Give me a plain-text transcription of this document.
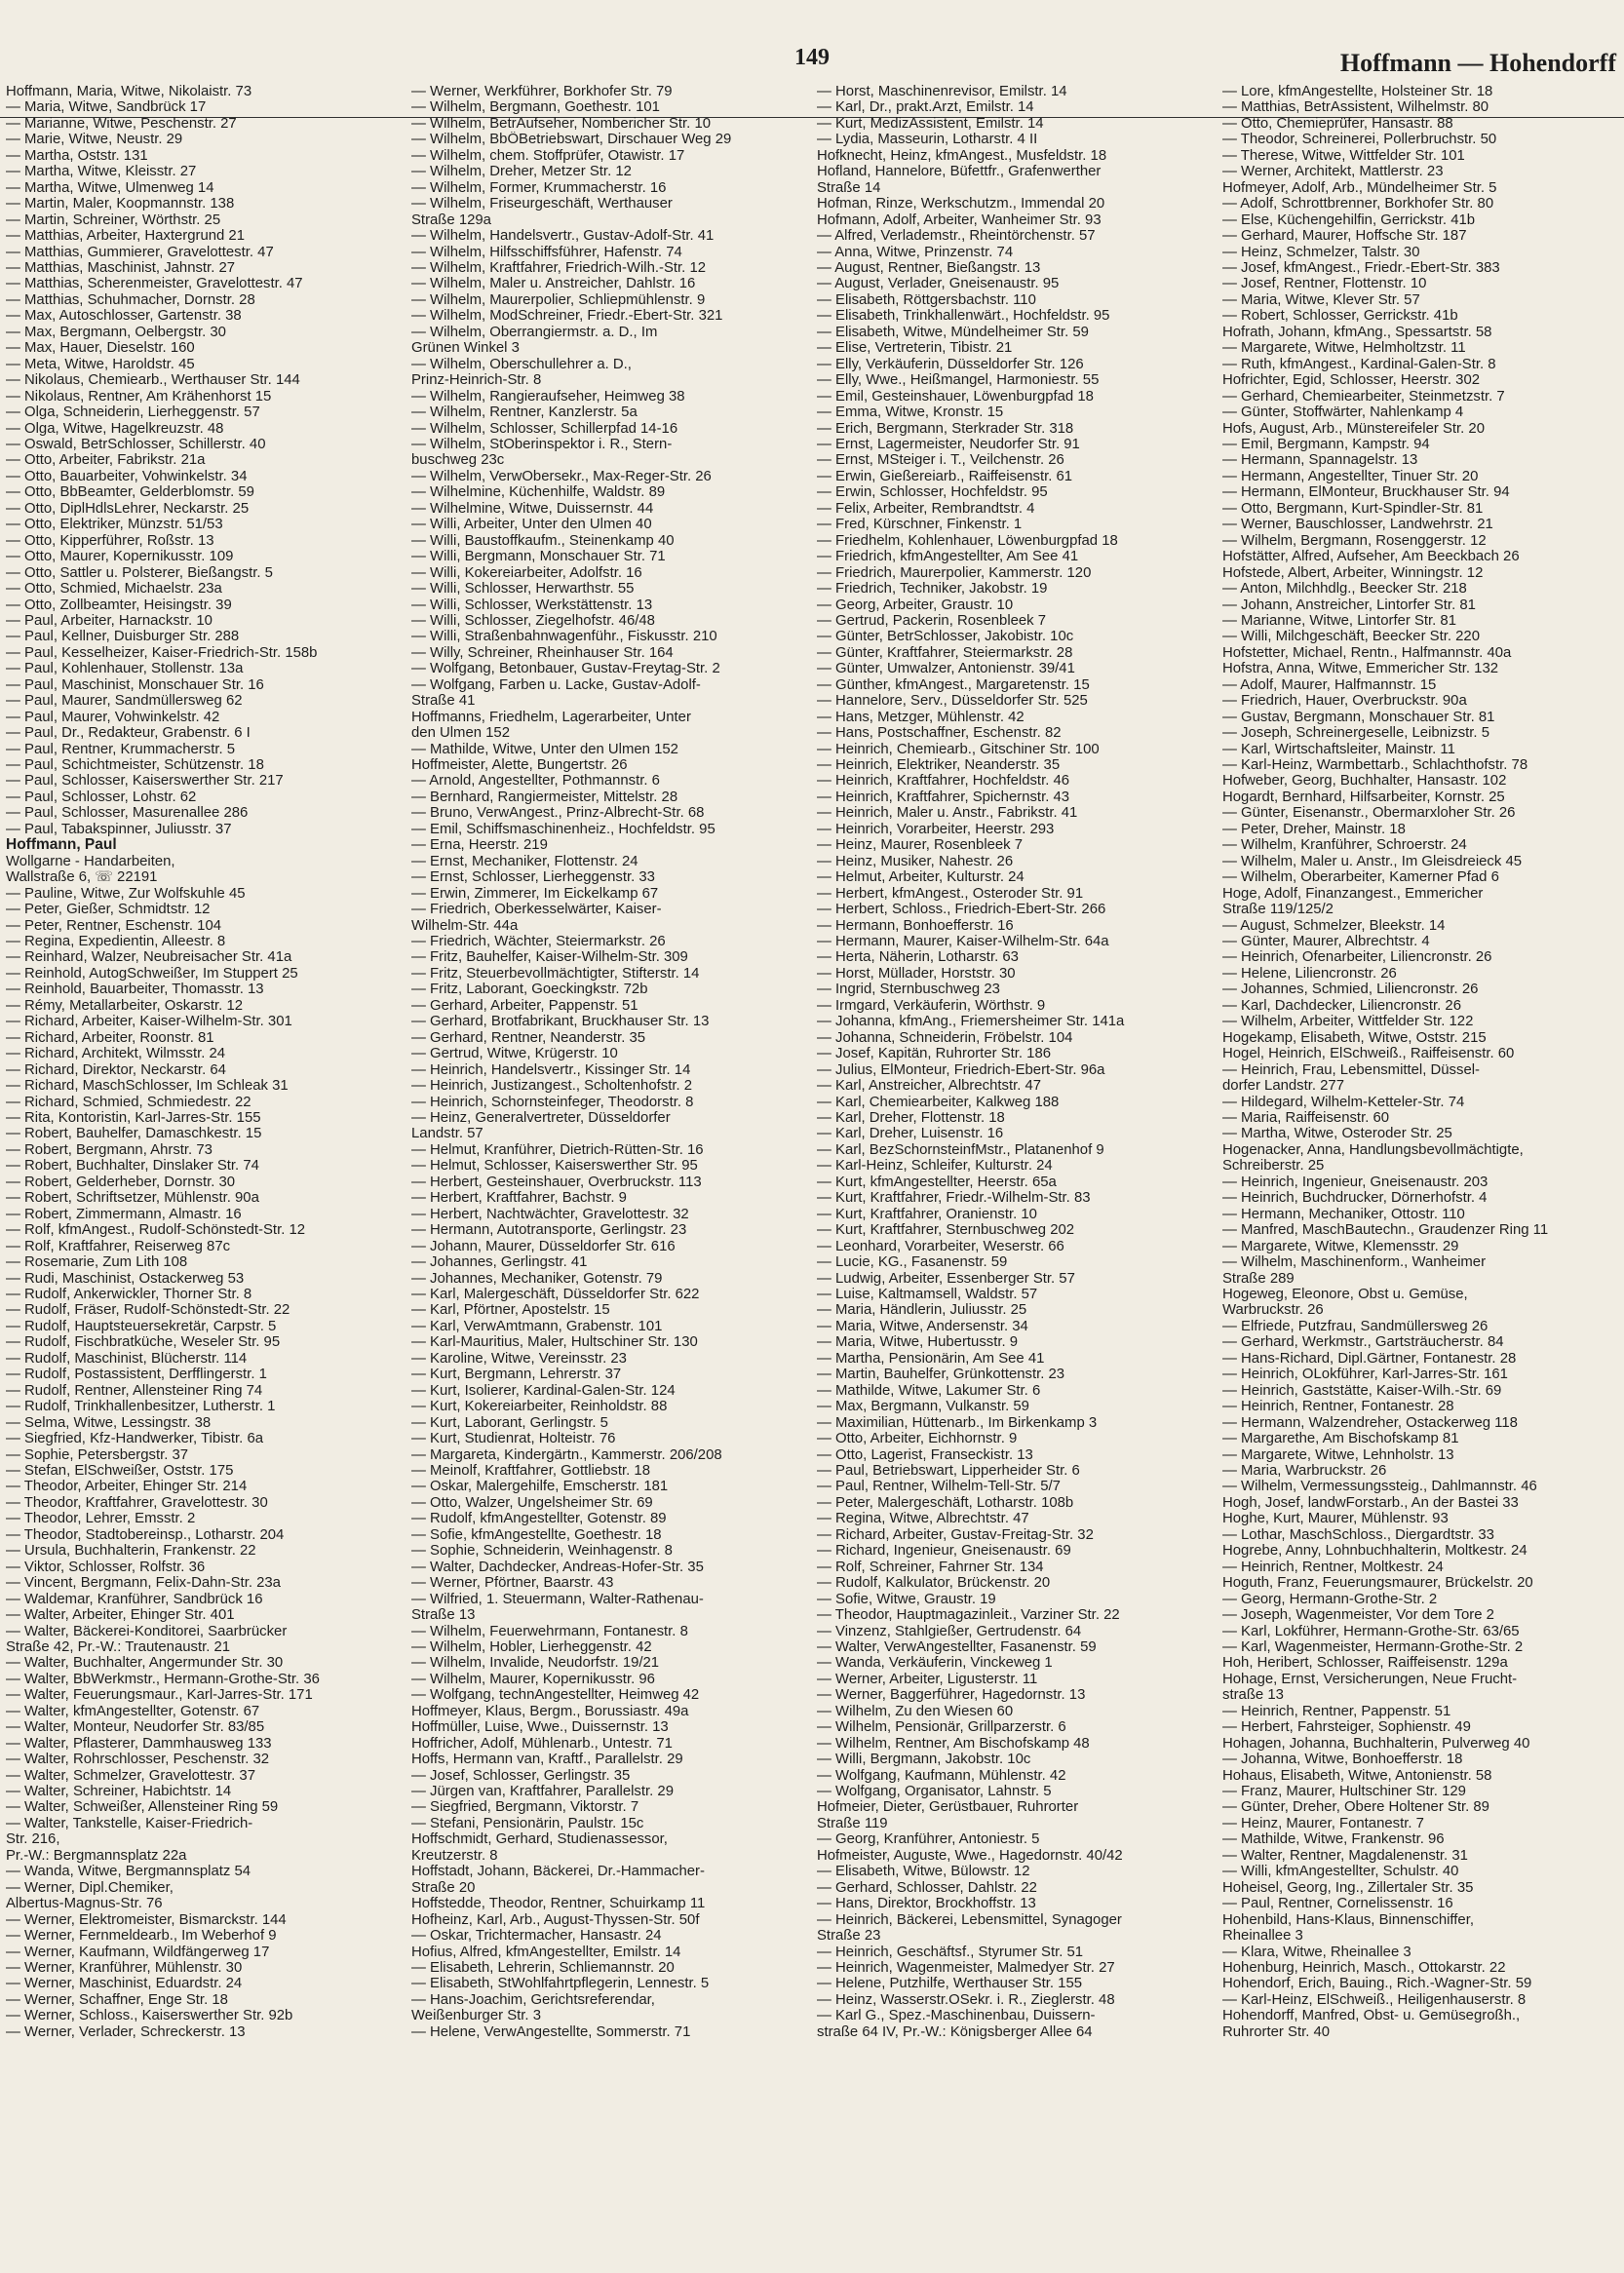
149	Hoffmann — Hohendorff
Hoffmann, Maria, Witwe, Nikolaistr. 73
— Maria, Witwe, Sandbrück 17
— Marianne, Witwe, Peschenstr. 27
— Marie, Witwe, Neustr. 29
— Martha, Oststr. 131
— Martha, Witwe, Kleisstr. 27
— Martha, Witwe, Ulmenweg 14
— Martin, Maler, Koopmannstr. 138
— Martin, Schreiner, Wörthstr. 25
— Matthias, Arbeiter, Haxtergrund 21
— Matthias, Gummierer, Gravelottestr. 47
— Matthias, Maschinist, Jahnstr. 27
— Matthias, Scherenmeister, Gravelottestr. 47
— Matthias, Schuhmacher, Dornstr. 28
— Max, Autoschlosser, Gartenstr. 38
— Max, Bergmann, Oelbergstr. 30
— Max, Hauer, Dieselstr. 160
— Meta, Witwe, Haroldstr. 45
— Nikolaus, Chemiearb., Werthauser Str. 144
— Nikolaus, Rentner, Am Krähenhorst 15
— Olga, Schneiderin, Lierheggenstr. 57
— Olga, Witwe, Hagelkreuzstr. 48
— Oswald, BetrSchlosser, Schillerstr. 40
— Otto, Arbeiter, Fabrikstr. 21a
— Otto, Bauarbeiter, Vohwinkelstr. 34
— Otto, BbBeamter, Gelderblomstr. 59
— Otto, DiplHdlsLehrer, Neckarstr. 25
— Otto, Elektriker, Münzstr. 51/53
— Otto, Kipperführer, Roßstr. 13
— Otto, Maurer, Kopernikusstr. 109
— Otto, Sattler u. Polsterer, Bießangstr. 5
— Otto, Schmied, Michaelstr. 23a
— Otto, Zollbeamter, Heisingstr. 39
— Paul, Arbeiter, Harnackstr. 10
— Paul, Kellner, Duisburger Str. 288
— Paul, Kesselheizer, Kaiser-Friedrich-Str. 158b
— Paul, Kohlenhauer, Stollenstr. 13a
— Paul, Maschinist, Monschauer Str. 16
— Paul, Maurer, Sandmüllersweg 62
— Paul, Maurer, Vohwinkelstr. 42
— Paul, Dr., Redakteur, Grabenstr. 6 I
— Paul, Rentner, Krummacherstr. 5
— Paul, Schichtmeister, Schützenstr. 18
— Paul, Schlosser, Kaiserswerther Str. 217
— Paul, Schlosser, Lohstr. 62
— Paul, Schlosser, Masurenallee 286
— Paul, Tabakspinner, Juliusstr. 37
Hoffmann, Paul
Wollgarne - Handarbeiten,
Wallstraße 6, ☏ 22191
— Pauline, Witwe, Zur Wolfskuhle 45
— Peter, Gießer, Schmidtstr. 12
— Peter, Rentner, Eschenstr. 104
— Regina, Expedientin, Alleestr. 8
— Reinhard, Walzer, Neubreisacher Str. 41a
— Reinhold, AutogSchweißer, Im Stuppert 25
— Reinhold, Bauarbeiter, Thomasstr. 13
— Rémy, Metallarbeiter, Oskarstr. 12
— Richard, Arbeiter, Kaiser-Wilhelm-Str. 301
— Richard, Arbeiter, Roonstr. 81
— Richard, Architekt, Wilmsstr. 24
— Richard, Direktor, Neckarstr. 64
— Richard, MaschSchlosser, Im Schleak 31
— Richard, Schmied, Schmiedestr. 22
— Rita, Kontoristin, Karl-Jarres-Str. 155
— Robert, Bauhelfer, Damaschkestr. 15
— Robert, Bergmann, Ahrstr. 73
— Robert, Buchhalter, Dinslaker Str. 74
— Robert, Gelderheber, Dornstr. 30
— Robert, Schriftsetzer, Mühlenstr. 90a
— Robert, Zimmermann, Almastr. 16
— Rolf, kfmAngest., Rudolf-Schönstedt-Str. 12
— Rolf, Kraftfahrer, Reiserweg 87c
— Rosemarie, Zum Lith 108
— Rudi, Maschinist, Ostackerweg 53
— Rudolf, Ankerwickler, Thorner Str. 8
— Rudolf, Fräser, Rudolf-Schönstedt-Str. 22
— Rudolf, Hauptsteuersekretär, Carpstr. 5
— Rudolf, Fischbratküche, Weseler Str. 95
— Rudolf, Maschinist, Blücherstr. 114
— Rudolf, Postassistent, Derfflingerstr. 1
— Rudolf, Rentner, Allensteiner Ring 74
— Rudolf, Trinkhallenbesitzer, Lutherstr. 1
— Selma, Witwe, Lessingstr. 38
— Siegfried, Kfz-Handwerker, Tibistr. 6a
— Sophie, Petersbergstr. 37
— Stefan, ElSchweißer, Oststr. 175
— Theodor, Arbeiter, Ehinger Str. 214
— Theodor, Kraftfahrer, Gravelottestr. 30
— Theodor, Lehrer, Emsstr. 2
— Theodor, Stadtobereinsp., Lotharstr. 204
— Ursula, Buchhalterin, Frankenstr. 22
— Viktor, Schlosser, Rolfstr. 36
— Vincent, Bergmann, Felix-Dahn-Str. 23a
— Waldemar, Kranführer, Sandbrück 16
— Walter, Arbeiter, Ehinger Str. 401
— Walter, Bäckerei-Konditorei, Saarbrücker
Straße 42, Pr.-W.: Trautenaustr. 21
— Walter, Buchhalter, Angermunder Str. 30
— Walter, BbWerkmstr., Hermann-Grothe-Str. 36
— Walter, Feuerungsmaur., Karl-Jarres-Str. 171
— Walter, kfmAngestellter, Gotenstr. 67
— Walter, Monteur, Neudorfer Str. 83/85
— Walter, Pflasterer, Dammhausweg 133
— Walter, Rohrschlosser, Peschenstr. 32
— Walter, Schmelzer, Gravelottestr. 37
— Walter, Schreiner, Habichtstr. 14
— Walter, Schweißer, Allensteiner Ring 59
— Walter, Tankstelle, Kaiser-Friedrich-
Str. 216,
Pr.-W.: Bergmannsplatz 22a
— Wanda, Witwe, Bergmannsplatz 54
— Werner, Dipl.Chemiker,
Albertus-Magnus-Str. 76
— Werner, Elektromeister, Bismarckstr. 144
— Werner, Fernmeldearb., Im Weberhof 9
— Werner, Kaufmann, Wildfängerweg 17
— Werner, Kranführer, Mühlenstr. 30
— Werner, Maschinist, Eduardstr. 24
— Werner, Schaffner, Enge Str. 18
— Werner, Schloss., Kaiserswerther Str. 92b
— Werner, Verlader, Schreckerstr. 13
— Werner, Werkführer, Borkhofer Str. 79
— Wilhelm, Bergmann, Goethestr. 101
— Wilhelm, BetrAufseher, Nombericher Str. 10
— Wilhelm, BbÖBetriebswart, Dirschauer Weg 29
— Wilhelm, chem. Stoffprüfer, Otawistr. 17
— Wilhelm, Dreher, Metzer Str. 12
— Wilhelm, Former, Krummacherstr. 16
— Wilhelm, Friseurgeschäft, Werthauser
Straße 129a
— Wilhelm, Handelsvertr., Gustav-Adolf-Str. 41
— Wilhelm, Hilfsschiffsführer, Hafenstr. 74
— Wilhelm, Kraftfahrer, Friedrich-Wilh.-Str. 12
— Wilhelm, Maler u. Anstreicher, Dahlstr. 16
— Wilhelm, Maurerpolier, Schliepmühlenstr. 9
— Wilhelm, ModSchreiner, Friedr.-Ebert-Str. 321
— Wilhelm, Oberrangiermstr. a. D., Im
Grünen Winkel 3
— Wilhelm, Oberschullehrer a. D.,
Prinz-Heinrich-Str. 8
— Wilhelm, Rangieraufseher, Heimweg 38
— Wilhelm, Rentner, Kanzlerstr. 5a
— Wilhelm, Schlosser, Schillerpfad 14-16
— Wilhelm, StOberinspektor i. R., Stern-
buschweg 23c
— Wilhelm, VerwObersekr., Max-Reger-Str. 26
— Wilhelmine, Küchenhilfe, Waldstr. 89
— Wilhelmine, Witwe, Duissernstr. 44
— Willi, Arbeiter, Unter den Ulmen 40
— Willi, Baustoffkaufm., Steinenkamp 40
— Willi, Bergmann, Monschauer Str. 71
— Willi, Kokereiarbeiter, Adolfstr. 16
— Willi, Schlosser, Herwarthstr. 55
— Willi, Schlosser, Werkstättenstr. 13
— Willi, Schlosser, Ziegelhofstr. 46/48
— Willi, Straßenbahnwagenführ., Fiskusstr. 210
— Willy, Schreiner, Rheinhauser Str. 164
— Wolfgang, Betonbauer, Gustav-Freytag-Str. 2
— Wolfgang, Farben u. Lacke, Gustav-Adolf-
Straße 41
Hoffmanns, Friedhelm, Lagerarbeiter, Unter
den Ulmen 152
— Mathilde, Witwe, Unter den Ulmen 152
Hoffmeister, Alette, Bungertstr. 26
— Arnold, Angestellter, Pothmannstr. 6
— Bernhard, Rangiermeister, Mittelstr. 28
— Bruno, VerwAngest., Prinz-Albrecht-Str. 68
— Emil, Schiffsmaschinenheiz., Hochfeldstr. 95
— Erna, Heerstr. 219
— Ernst, Mechaniker, Flottenstr. 24
— Ernst, Schlosser, Lierheggenstr. 33
— Erwin, Zimmerer, Im Eickelkamp 67
— Friedrich, Oberkesselwärter, Kaiser-
Wilhelm-Str. 44a
— Friedrich, Wächter, Steiermarkstr. 26
— Fritz, Bauhelfer, Kaiser-Wilhelm-Str. 309
— Fritz, Steuerbevollmächtigter, Stifterstr. 14
— Fritz, Laborant, Goeckingkstr. 72b
— Gerhard, Arbeiter, Pappenstr. 51
— Gerhard, Brotfabrikant, Bruckhauser Str. 13
— Gerhard, Rentner, Neanderstr. 35
— Gertrud, Witwe, Krügerstr. 10
— Heinrich, Handelsvertr., Kissinger Str. 14
— Heinrich, Justizangest., Scholtenhofstr. 2
— Heinrich, Schornsteinfeger, Theodorstr. 8
— Heinz, Generalvertreter, Düsseldorfer
Landstr. 57
— Helmut, Kranführer, Dietrich-Rütten-Str. 16
— Helmut, Schlosser, Kaiserswerther Str. 95
— Herbert, Gesteinshauer, Overbruckstr. 113
— Herbert, Kraftfahrer, Bachstr. 9
— Herbert, Nachtwächter, Gravelottestr. 32
— Hermann, Autotransporte, Gerlingstr. 23
— Johann, Maurer, Düsseldorfer Str. 616
— Johannes, Gerlingstr. 41
— Johannes, Mechaniker, Gotenstr. 79
— Karl, Malergeschäft, Düsseldorfer Str. 622
— Karl, Pförtner, Apostelstr. 15
— Karl, VerwAmtmann, Grabenstr. 101
— Karl-Mauritius, Maler, Hultschiner Str. 130
— Karoline, Witwe, Vereinsstr. 23
— Kurt, Bergmann, Lehrerstr. 37
— Kurt, Isolierer, Kardinal-Galen-Str. 124
— Kurt, Kokereiarbeiter, Reinholdstr. 88
— Kurt, Laborant, Gerlingstr. 5
— Kurt, Studienrat, Holteistr. 76
— Margareta, Kindergärtn., Kammerstr. 206/208
— Meinolf, Kraftfahrer, Gottliebstr. 18
— Oskar, Malergehilfe, Emscherstr. 181
— Otto, Walzer, Ungelsheimer Str. 69
— Rudolf, kfmAngestellter, Gotenstr. 89
— Sofie, kfmAngestellte, Goethestr. 18
— Sophie, Schneiderin, Weinhagenstr. 8
— Walter, Dachdecker, Andreas-Hofer-Str. 35
— Werner, Pförtner, Baarstr. 43
— Wilfried, 1. Steuermann, Walter-Rathenau-
Straße 13
— Wilhelm, Feuerwehrmann, Fontanestr. 8
— Wilhelm, Hobler, Lierheggenstr. 42
— Wilhelm, Invalide, Neudorfstr. 19/21
— Wilhelm, Maurer, Kopernikusstr. 96
— Wolfgang, technAngestellter, Heimweg 42
Hoffmeyer, Klaus, Bergm., Borussiastr. 49a
Hoffmüller, Luise, Wwe., Duissernstr. 13
Hoffricher, Adolf, Mühlenarb., Untestr. 71
Hoffs, Hermann van, Kraftf., Parallelstr. 29
— Josef, Schlosser, Gerlingstr. 35
— Jürgen van, Kraftfahrer, Parallelstr. 29
— Siegfried, Bergmann, Viktorstr. 7
— Stefani, Pensionärin, Paulstr. 15c
Hoffschmidt, Gerhard, Studienassessor,
Kreutzerstr. 8
Hoffstadt, Johann, Bäckerei, Dr.-Hammacher-
Straße 20
Hoffstedde, Theodor, Rentner, Schuirkamp 11
Hofheinz, Karl, Arb., August-Thyssen-Str. 50f
— Oskar, Trichtermacher, Hansastr. 24
Hofius, Alfred, kfmAngestellter, Emilstr. 14
— Elisabeth, Lehrerin, Schliemannstr. 20
— Elisabeth, StWohlfahrtpflegerin, Lennestr. 5
— Hans-Joachim, Gerichtsreferendar,
Weißenburger Str. 3
— Helene, VerwAngestellte, Sommerstr. 71
— Horst, Maschinenrevisor, Emilstr. 14
— Karl, Dr., prakt.Arzt, Emilstr. 14
— Kurt, MedizAssistent, Emilstr. 14
— Lydia, Masseurin, Lotharstr. 4 II
Hofknecht, Heinz, kfmAngest., Musfeldstr. 18
Hofland, Hannelore, Büfettfr., Grafenwerther
Straße 14
Hofman, Rinze, Werkschutzm., Immendal 20
Hofmann, Adolf, Arbeiter, Wanheimer Str. 93
— Alfred, Verlademstr., Rheintörchenstr. 57
— Anna, Witwe, Prinzenstr. 74
— August, Rentner, Bießangstr. 13
— August, Verlader, Gneisenaustr. 95
— Elisabeth, Röttgersbachstr. 110
— Elisabeth, Trinkhallenwärt., Hochfeldstr. 95
— Elisabeth, Witwe, Mündelheimer Str. 59
— Elise, Vertreterin, Tibistr. 21
— Elly, Verkäuferin, Düsseldorfer Str. 126
— Elly, Wwe., Heißmangel, Harmoniestr. 55
— Emil, Gesteinshauer, Löwenburgpfad 18
— Emma, Witwe, Kronstr. 15
— Erich, Bergmann, Sterkrader Str. 318
— Ernst, Lagermeister, Neudorfer Str. 91
— Ernst, MSteiger i. T., Veilchenstr. 26
— Erwin, Gießereiarb., Raiffeisenstr. 61
— Erwin, Schlosser, Hochfeldstr. 95
— Felix, Arbeiter, Rembrandtstr. 4
— Fred, Kürschner, Finkenstr. 1
— Friedhelm, Kohlenhauer, Löwenburgpfad 18
— Friedrich, kfmAngestellter, Am See 41
— Friedrich, Maurerpolier, Kammerstr. 120
— Friedrich, Techniker, Jakobstr. 19
— Georg, Arbeiter, Graustr. 10
— Gertrud, Packerin, Rosenbleek 7
— Günter, BetrSchlosser, Jakobistr. 10c
— Günter, Kraftfahrer, Steiermarkstr. 28
— Günter, Umwalzer, Antonienstr. 39/41
— Günther, kfmAngest., Margaretenstr. 15
— Hannelore, Serv., Düsseldorfer Str. 525
— Hans, Metzger, Mühlenstr. 42
— Hans, Postschaffner, Eschenstr. 82
— Heinrich, Chemiearb., Gitschiner Str. 100
— Heinrich, Elektriker, Neanderstr. 35
— Heinrich, Kraftfahrer, Hochfeldstr. 46
— Heinrich, Kraftfahrer, Spichernstr. 43
— Heinrich, Maler u. Anstr., Fabrikstr. 41
— Heinrich, Vorarbeiter, Heerstr. 293
— Heinz, Maurer, Rosenbleek 7
— Heinz, Musiker, Nahestr. 26
— Helmut, Arbeiter, Kulturstr. 24
— Herbert, kfmAngest., Osteroder Str. 91
— Herbert, Schloss., Friedrich-Ebert-Str. 266
— Hermann, Bonhoefferstr. 16
— Hermann, Maurer, Kaiser-Wilhelm-Str. 64a
— Herta, Näherin, Lotharstr. 63
— Horst, Müllader, Horststr. 30
— Ingrid, Sternbuschweg 23
— Irmgard, Verkäuferin, Wörthstr. 9
— Johanna, kfmAng., Friemersheimer Str. 141a
— Johanna, Schneiderin, Fröbelstr. 104
— Josef, Kapitän, Ruhrorter Str. 186
— Julius, ElMonteur, Friedrich-Ebert-Str. 96a
— Karl, Anstreicher, Albrechtstr. 47
— Karl, Chemiearbeiter, Kalkweg 188
— Karl, Dreher, Flottenstr. 18
— Karl, Dreher, Luisenstr. 16
— Karl, BezSchornsteinfMstr., Platanenhof 9
— Karl-Heinz, Schleifer, Kulturstr. 24
— Kurt, kfmAngestellter, Heerstr. 65a
— Kurt, Kraftfahrer, Friedr.-Wilhelm-Str. 83
— Kurt, Kraftfahrer, Oranienstr. 10
— Kurt, Kraftfahrer, Sternbuschweg 202
— Leonhard, Vorarbeiter, Weserstr. 66
— Lucie, KG., Fasanenstr. 59
— Ludwig, Arbeiter, Essenberger Str. 57
— Luise, Kaltmamsell, Waldstr. 57
— Maria, Händlerin, Juliusstr. 25
— Maria, Witwe, Andersenstr. 34
— Maria, Witwe, Hubertusstr. 9
— Martha, Pensionärin, Am See 41
— Martin, Bauhelfer, Grünkottenstr. 23
— Mathilde, Witwe, Lakumer Str. 6
— Max, Bergmann, Vulkanstr. 59
— Maximilian, Hüttenarb., Im Birkenkamp 3
— Otto, Arbeiter, Eichhornstr. 9
— Otto, Lagerist, Franseckistr. 13
— Paul, Betriebswart, Lipperheider Str. 6
— Paul, Rentner, Wilhelm-Tell-Str. 5/7
— Peter, Malergeschäft, Lotharstr. 108b
— Regina, Witwe, Albrechtstr. 47
— Richard, Arbeiter, Gustav-Freitag-Str. 32
— Richard, Ingenieur, Gneisenaustr. 69
— Rolf, Schreiner, Fahrner Str. 134
— Rudolf, Kalkulator, Brückenstr. 20
— Sofie, Witwe, Graustr. 19
— Theodor, Hauptmagazinleit., Varziner Str. 22
— Vinzenz, Stahlgießer, Gertrudenstr. 64
— Walter, VerwAngestellter, Fasanenstr. 59
— Wanda, Verkäuferin, Vinckeweg 1
— Werner, Arbeiter, Ligusterstr. 11
— Werner, Baggerführer, Hagedornstr. 13
— Wilhelm, Zu den Wiesen 60
— Wilhelm, Pensionär, Grillparzerstr. 6
— Wilhelm, Rentner, Am Bischofskamp 48
— Willi, Bergmann, Jakobstr. 10c
— Wolfgang, Kaufmann, Mühlenstr. 42
— Wolfgang, Organisator, Lahnstr. 5
Hofmeier, Dieter, Gerüstbauer, Ruhrorter
Straße 119
— Georg, Kranführer, Antoniestr. 5
Hofmeister, Auguste, Wwe., Hagedornstr. 40/42
— Elisabeth, Witwe, Bülowstr. 12
— Gerhard, Schlosser, Dahlstr. 22
— Hans, Direktor, Brockhoffstr. 13
— Heinrich, Bäckerei, Lebensmittel, Synagoger
Straße 23
— Heinrich, Geschäftsf., Styrumer Str. 51
— Heinrich, Wagenmeister, Malmedyer Str. 27
— Helene, Putzhilfe, Werthauser Str. 155
— Heinz, Wasserstr.OSekr. i. R., Zieglerstr. 48
— Karl G., Spez.-Maschinenbau, Duissern-
straße 64 IV, Pr.-W.: Königsberger Allee 64
— Lore, kfmAngestellte, Holsteiner Str. 18
— Matthias, BetrAssistent, Wilhelmstr. 80
— Otto, Chemieprüfer, Hansastr. 88
— Theodor, Schreinerei, Pollerbruchstr. 50
— Therese, Witwe, Wittfelder Str. 101
— Werner, Architekt, Mattlerstr. 23
Hofmeyer, Adolf, Arb., Mündelheimer Str. 5
— Adolf, Schrottbrenner, Borkhofer Str. 80
— Else, Küchengehilfin, Gerrickstr. 41b
— Gerhard, Maurer, Hoffsche Str. 187
— Heinz, Schmelzer, Talstr. 30
— Josef, kfmAngest., Friedr.-Ebert-Str. 383
— Josef, Rentner, Flottenstr. 10
— Maria, Witwe, Klever Str. 57
— Robert, Schlosser, Gerrickstr. 41b
Hofrath, Johann, kfmAng., Spessartstr. 58
— Margarete, Witwe, Helmholtzstr. 11
— Ruth, kfmAngest., Kardinal-Galen-Str. 8
Hofrichter, Egid, Schlosser, Heerstr. 302
— Gerhard, Chemiearbeiter, Steinmetzstr. 7
— Günter, Stoffwärter, Nahlenkamp 4
Hofs, August, Arb., Münstereifeler Str. 20
— Emil, Bergmann, Kampstr. 94
— Hermann, Spannagelstr. 13
— Hermann, Angestellter, Tinuer Str. 20
— Hermann, ElMonteur, Bruckhauser Str. 94
— Otto, Bergmann, Kurt-Spindler-Str. 81
— Werner, Bauschlosser, Landwehrstr. 21
— Wilhelm, Bergmann, Rosenggerstr. 12
Hofstätter, Alfred, Aufseher, Am Beeckbach 26
Hofstede, Albert, Arbeiter, Winningstr. 12
— Anton, Milchhdlg., Beecker Str. 218
— Johann, Anstreicher, Lintorfer Str. 81
— Marianne, Witwe, Lintorfer Str. 81
— Willi, Milchgeschäft, Beecker Str. 220
Hofstetter, Michael, Rentn., Halfmannstr. 40a
Hofstra, Anna, Witwe, Emmericher Str. 132
— Adolf, Maurer, Halfmannstr. 15
— Friedrich, Hauer, Overbruckstr. 90a
— Gustav, Bergmann, Monschauer Str. 81
— Joseph, Schreinergeselle, Leibnizstr. 5
— Karl, Wirtschaftsleiter, Mainstr. 11
— Karl-Heinz, Warmbettarb., Schlachthofstr. 78
Hofweber, Georg, Buchhalter, Hansastr. 102
Hogardt, Bernhard, Hilfsarbeiter, Kornstr. 25
— Günter, Eisenanstr., Obermarxloher Str. 26
— Peter, Dreher, Mainstr. 18
— Wilhelm, Kranführer, Schroerstr. 24
— Wilhelm, Maler u. Anstr., Im Gleisdreieck 45
— Wilhelm, Oberarbeiter, Kamerner Pfad 6
Hoge, Adolf, Finanzangest., Emmericher
Straße 119/125/2
— August, Schmelzer, Bleekstr. 14
— Günter, Maurer, Albrechtstr. 4
— Heinrich, Ofenarbeiter, Liliencronstr. 26
— Helene, Liliencronstr. 26
— Johannes, Schmied, Liliencronstr. 26
— Karl, Dachdecker, Liliencronstr. 26
— Wilhelm, Arbeiter, Wittfelder Str. 122
Hogekamp, Elisabeth, Witwe, Oststr. 215
Hogel, Heinrich, ElSchweiß., Raiffeisenstr. 60
— Heinrich, Frau, Lebensmittel, Düssel-
dorfer Landstr. 277
— Hildegard, Wilhelm-Ketteler-Str. 74
— Maria, Raiffeisenstr. 60
— Martha, Witwe, Osteroder Str. 25
Hogenacker, Anna, Handlungsbevollmächtigte,
Schreiberstr. 25
— Heinrich, Ingenieur, Gneisenaustr. 203
— Heinrich, Buchdrucker, Dörnerhofstr. 4
— Hermann, Mechaniker, Ottostr. 110
— Manfred, MaschBautechn., Graudenzer Ring 11
— Margarete, Witwe, Klemensstr. 29
— Wilhelm, Maschinenform., Wanheimer
Straße 289
Hogeweg, Eleonore, Obst u. Gemüse,
Warbruckstr. 26
— Elfriede, Putzfrau, Sandmüllersweg 26
— Gerhard, Werkmstr., Gartsträucherstr. 84
— Hans-Richard, Dipl.Gärtner, Fontanestr. 28
— Heinrich, OLokführer, Karl-Jarres-Str. 161
— Heinrich, Gaststätte, Kaiser-Wilh.-Str. 69
— Heinrich, Rentner, Fontanestr. 28
— Hermann, Walzendreher, Ostackerweg 118
— Margarethe, Am Bischofskamp 81
— Margarete, Witwe, Lehnholstr. 13
— Maria, Warbruckstr. 26
— Wilhelm, Vermessungssteig., Dahlmannstr. 46
Hogh, Josef, landwForstarb., An der Bastei 33
Hoghe, Kurt, Maurer, Mühlenstr. 93
— Lothar, MaschSchloss., Diergardtstr. 33
Hogrebe, Anny, Lohnbuchhalterin, Moltkestr. 24
— Heinrich, Rentner, Moltkestr. 24
Hoguth, Franz, Feuerungsmaurer, Brückelstr. 20
— Georg, Hermann-Grothe-Str. 2
— Joseph, Wagenmeister, Vor dem Tore 2
— Karl, Lokführer, Hermann-Grothe-Str. 63/65
— Karl, Wagenmeister, Hermann-Grothe-Str. 2
Hoh, Heribert, Schlosser, Raiffeisenstr. 129a
Hohage, Ernst, Versicherungen, Neue Frucht-
straße 13
— Heinrich, Rentner, Pappenstr. 51
— Herbert, Fahrsteiger, Sophienstr. 49
Hohagen, Johanna, Buchhalterin, Pulverweg 40
— Johanna, Witwe, Bonhoefferstr. 18
Hohaus, Elisabeth, Witwe, Antonienstr. 58
— Franz, Maurer, Hultschiner Str. 129
— Günter, Dreher, Obere Holtener Str. 89
— Heinz, Maurer, Fontanestr. 7
— Mathilde, Witwe, Frankenstr. 96
— Walter, Rentner, Magdalenenstr. 31
— Willi, kfmAngestellter, Schulstr. 40
Hoheisel, Georg, Ing., Zillertaler Str. 35
— Paul, Rentner, Cornelissenstr. 16
Hohenbild, Hans-Klaus, Binnenschiffer,
Rheinallee 3
— Klara, Witwe, Rheinallee 3
Hohenburg, Heinrich, Masch., Ottokarstr. 22
Hohendorf, Erich, Bauing., Rich.-Wagner-Str. 59
— Karl-Heinz, ElSchweiß., Heiligenhauserstr. 8
Hohendorff, Manfred, Obst- u. Gemüsegroßh.,
Ruhrorter Str. 40
